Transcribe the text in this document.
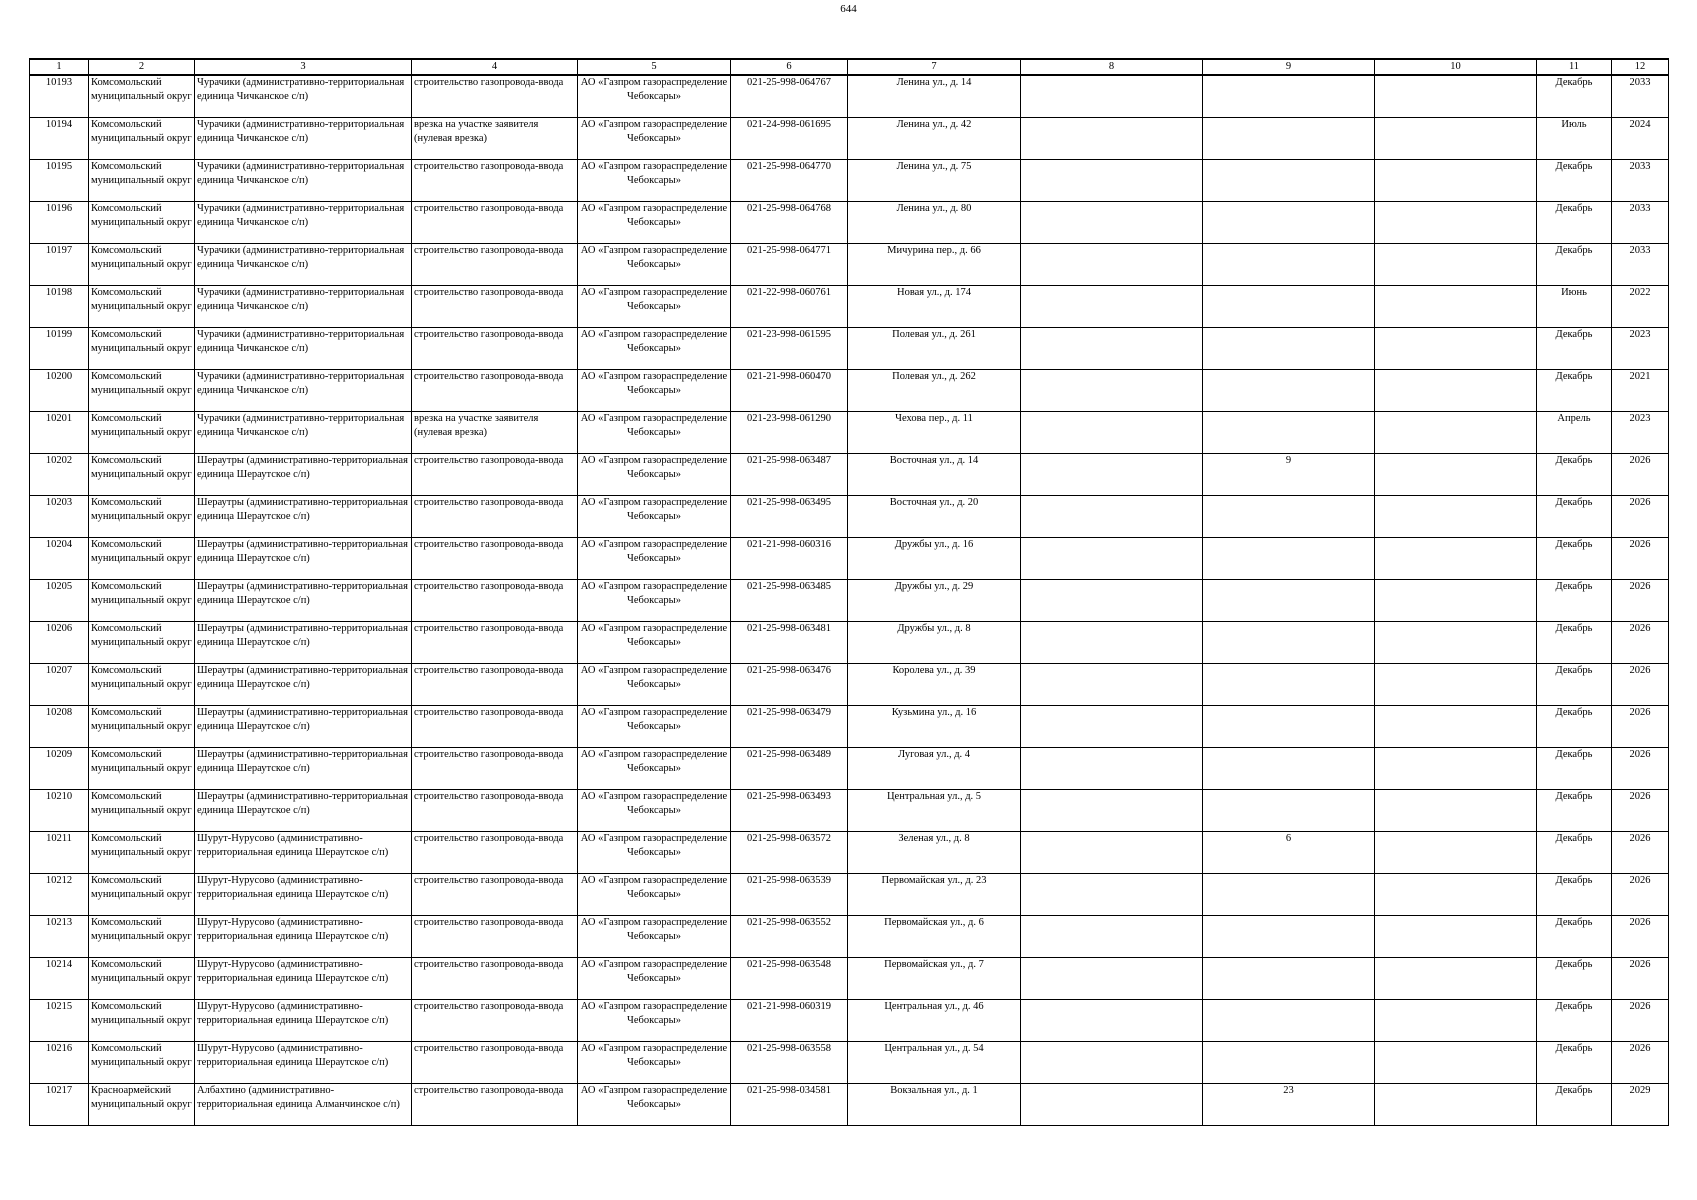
644
1	2	3	4	5	6	7	8	9	10	11	12

10193	Комсомольский муниципальный округ	Чурачики (административно-территориальная единица Чичканское с/п)	строительство газопровода-ввода	АО «Газпром газораспределение Чебоксары»	021-25-998-064767	Ленина ул., д. 14				Декабрь	2033

10194	Комсомольский муниципальный округ	Чурачики (административно-территориальная единица Чичканское с/п)	врезка на участке заявителя (нулевая врезка)	АО «Газпром газораспределение Чебоксары»	021-24-998-061695	Ленина ул., д. 42				Июль	2024

10195	Комсомольский муниципальный округ	Чурачики (административно-территориальная единица Чичканское с/п)	строительство газопровода-ввода	АО «Газпром газораспределение Чебоксары»	021-25-998-064770	Ленина ул., д. 75				Декабрь	2033

10196	Комсомольский муниципальный округ	Чурачики (административно-территориальная единица Чичканское с/п)	строительство газопровода-ввода	АО «Газпром газораспределение Чебоксары»	021-25-998-064768	Ленина ул., д. 80				Декабрь	2033

10197	Комсомольский муниципальный округ	Чурачики (административно-территориальная единица Чичканское с/п)	строительство газопровода-ввода	АО «Газпром газораспределение Чебоксары»	021-25-998-064771	Мичурина пер., д. 66				Декабрь	2033

10198	Комсомольский муниципальный округ	Чурачики (административно-территориальная единица Чичканское с/п)	строительство газопровода-ввода	АО «Газпром газораспределение Чебоксары»	021-22-998-060761	Новая ул., д. 174				Июнь	2022

10199	Комсомольский муниципальный округ	Чурачики (административно-территориальная единица Чичканское с/п)	строительство газопровода-ввода	АО «Газпром газораспределение Чебоксары»	021-23-998-061595	Полевая ул., д. 261				Декабрь	2023

10200	Комсомольский муниципальный округ	Чурачики (административно-территориальная единица Чичканское с/п)	строительство газопровода-ввода	АО «Газпром газораспределение Чебоксары»	021-21-998-060470	Полевая ул., д. 262				Декабрь	2021

10201	Комсомольский муниципальный округ	Чурачики (административно-территориальная единица Чичканское с/п)	врезка на участке заявителя (нулевая врезка)	АО «Газпром газораспределение Чебоксары»	021-23-998-061290	Чехова пер., д. 11				Апрель	2023

10202	Комсомольский муниципальный округ	Шераутры (административно-территориальная единица Шераутское с/п)	строительство газопровода-ввода	АО «Газпром газораспределение Чебоксары»	021-25-998-063487	Восточная ул., д. 14		9		Декабрь	2026

10203	Комсомольский муниципальный округ	Шераутры (административно-территориальная единица Шераутское с/п)	строительство газопровода-ввода	АО «Газпром газораспределение Чебоксары»	021-25-998-063495	Восточная ул., д. 20				Декабрь	2026

10204	Комсомольский муниципальный округ	Шераутры (административно-территориальная единица Шераутское с/п)	строительство газопровода-ввода	АО «Газпром газораспределение Чебоксары»	021-21-998-060316	Дружбы ул., д. 16				Декабрь	2026

10205	Комсомольский муниципальный округ	Шераутры (административно-территориальная единица Шераутское с/п)	строительство газопровода-ввода	АО «Газпром газораспределение Чебоксары»	021-25-998-063485	Дружбы ул., д. 29				Декабрь	2026

10206	Комсомольский муниципальный округ	Шераутры (административно-территориальная единица Шераутское с/п)	строительство газопровода-ввода	АО «Газпром газораспределение Чебоксары»	021-25-998-063481	Дружбы ул., д. 8				Декабрь	2026

10207	Комсомольский муниципальный округ	Шераутры (административно-территориальная единица Шераутское с/п)	строительство газопровода-ввода	АО «Газпром газораспределение Чебоксары»	021-25-998-063476	Королева ул., д. 39				Декабрь	2026

10208	Комсомольский муниципальный округ	Шераутры (административно-территориальная единица Шераутское с/п)	строительство газопровода-ввода	АО «Газпром газораспределение Чебоксары»	021-25-998-063479	Кузьмина ул., д. 16				Декабрь	2026

10209	Комсомольский муниципальный округ	Шераутры (административно-территориальная единица Шераутское с/п)	строительство газопровода-ввода	АО «Газпром газораспределение Чебоксары»	021-25-998-063489	Луговая ул., д. 4				Декабрь	2026

10210	Комсомольский муниципальный округ	Шераутры (административно-территориальная единица Шераутское с/п)	строительство газопровода-ввода	АО «Газпром газораспределение Чебоксары»	021-25-998-063493	Центральная ул., д. 5				Декабрь	2026

10211	Комсомольский муниципальный округ	Шурут-Нурусово (административно-территориальная единица Шераутское с/п)	строительство газопровода-ввода	АО «Газпром газораспределение Чебоксары»	021-25-998-063572	Зеленая ул., д. 8		6		Декабрь	2026

10212	Комсомольский муниципальный округ	Шурут-Нурусово (административно-территориальная единица Шераутское с/п)	строительство газопровода-ввода	АО «Газпром газораспределение Чебоксары»	021-25-998-063539	Первомайская ул., д. 23				Декабрь	2026

10213	Комсомольский муниципальный округ	Шурут-Нурусово (административно-территориальная единица Шераутское с/п)	строительство газопровода-ввода	АО «Газпром газораспределение Чебоксары»	021-25-998-063552	Первомайская ул., д. 6				Декабрь	2026

10214	Комсомольский муниципальный округ	Шурут-Нурусово (административно-территориальная единица Шераутское с/п)	строительство газопровода-ввода	АО «Газпром газораспределение Чебоксары»	021-25-998-063548	Первомайская ул., д. 7				Декабрь	2026

10215	Комсомольский муниципальный округ	Шурут-Нурусово (административно-территориальная единица Шераутское с/п)	строительство газопровода-ввода	АО «Газпром газораспределение Чебоксары»	021-21-998-060319	Центральная ул., д. 46				Декабрь	2026

10216	Комсомольский муниципальный округ	Шурут-Нурусово (административно-территориальная единица Шераутское с/п)	строительство газопровода-ввода	АО «Газпром газораспределение Чебоксары»	021-25-998-063558	Центральная ул., д. 54				Декабрь	2026

10217	Красноармейский муниципальный округ	Албахтино (административно-территориальная единица Алманчинское с/п)	строительство газопровода-ввода	АО «Газпром газораспределение Чебоксары»	021-25-998-034581	Вокзальная ул., д. 1		23		Декабрь	2029
